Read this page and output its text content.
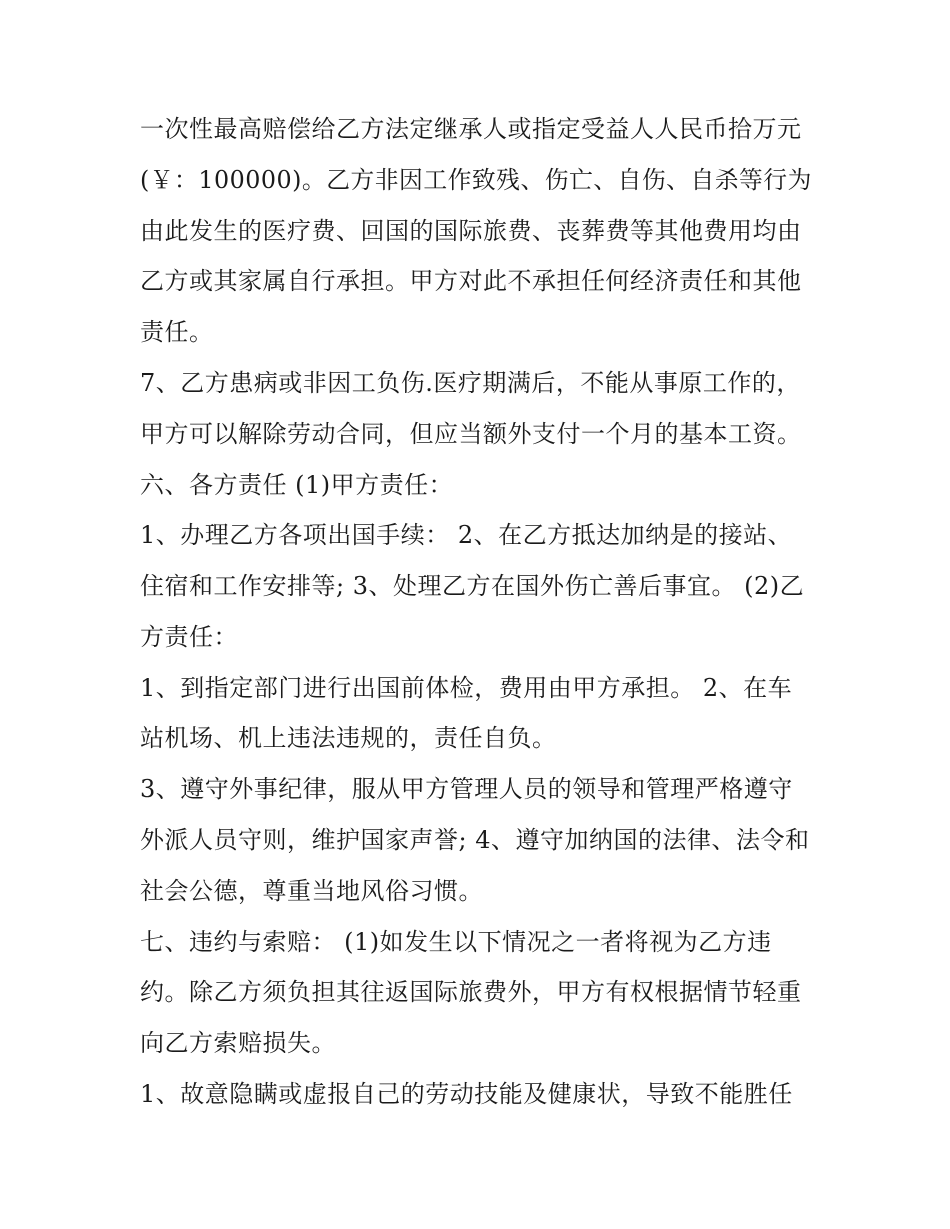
一次性最高赔偿给乙方法定继承人或指定受益人人民币拾万元
(￥：100000)。乙方非因工作致残、伤亡、自伤、自杀等行为
由此发生的医疗费、回国的国际旅费、丧葬费等其他费用均由
乙方或其家属自行承担。甲方对此不承担任何经济责任和其他
责任。
7、乙方患病或非因工负伤.医疗期满后，不能从事原工作的，
甲方可以解除劳动合同，但应当额外支付一个月的基本工资。
六、各方责任 (1)甲方责任：
1、办理乙方各项出国手续： 2、在乙方抵达加纳是的接站、
住宿和工作安排等; 3、处理乙方在国外伤亡善后事宜。 (2)乙
方责任：
1、到指定部门进行出国前体检，费用由甲方承担。 2、在车
站机场、机上违法违规的，责任自负。
3、遵守外事纪律，服从甲方管理人员的领导和管理严格遵守
外派人员守则，维护国家声誉; 4、遵守加纳国的法律、法令和
社会公德，尊重当地风俗习惯。
七、违约与索赔： (1)如发生以下情况之一者将视为乙方违
约。除乙方须负担其往返国际旅费外，甲方有权根据情节轻重
向乙方索赔损失。
1、故意隐瞒或虚报自己的劳动技能及健康状，导致不能胜任
